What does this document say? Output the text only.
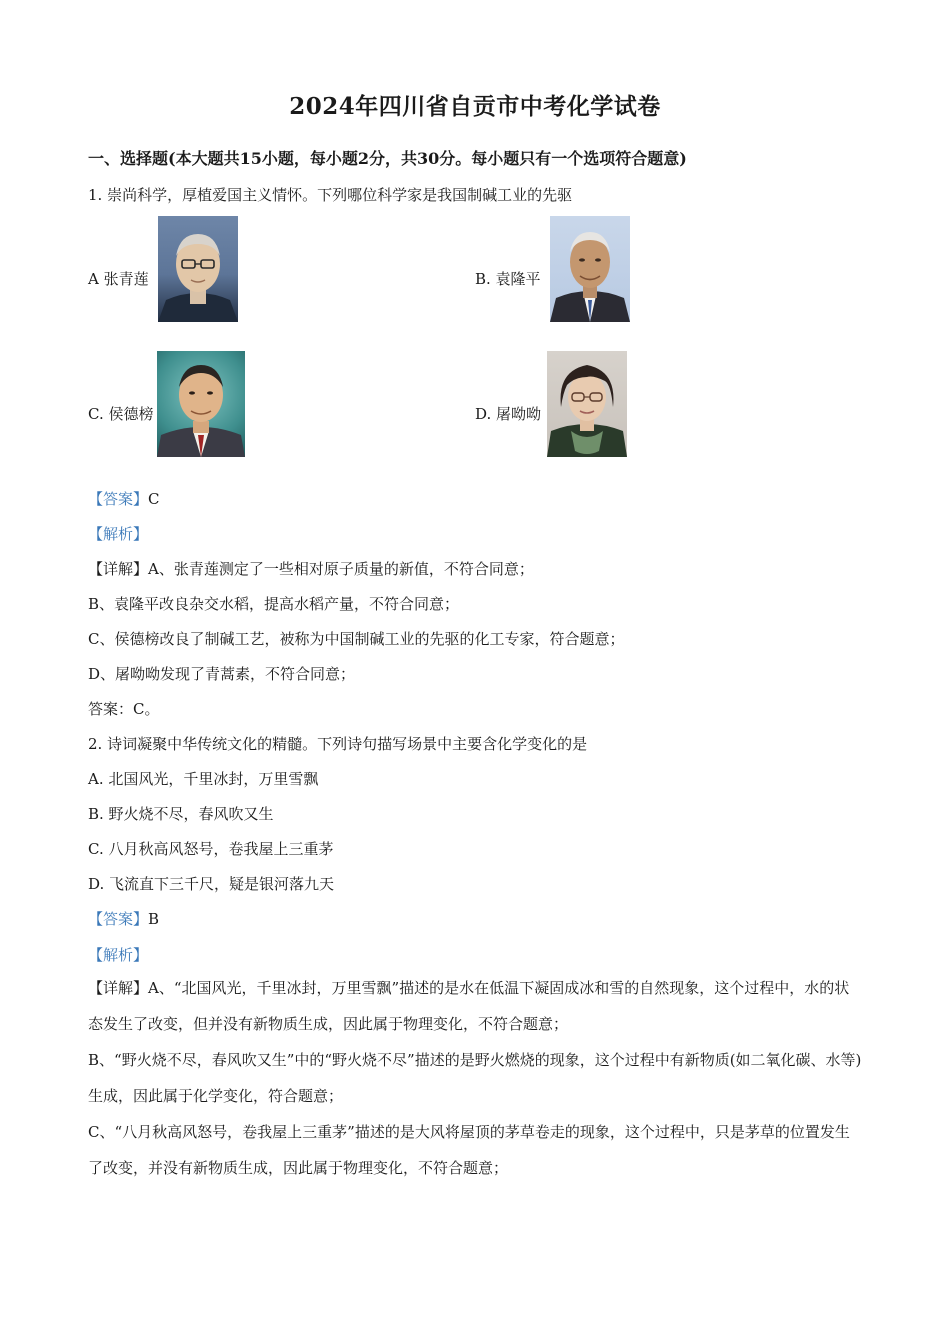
2024年四川省自贡市中考化学试卷
一、选择题(本大题共15小题，每小题2分，共30分。每小题只有一个选项符合题意)
1. 崇尚科学，厚植爱国主义情怀。下列哪位科学家是我国制碱工业的先驱
A 张青莲	B. 袁隆平
C. 侯德榜	D. 屠呦呦
【答案】C
【解析】
【详解】A、张青莲测定了一些相对原子质量的新值，不符合同意；
B、袁隆平改良杂交水稻，提高水稻产量，不符合同意；
C、侯德榜改良了制碱工艺，被称为中国制碱工业的先驱的化工专家，符合题意；
D、屠呦呦发现了青蒿素，不符合同意；
答案：C。
2. 诗词凝聚中华传统文化的精髓。下列诗句描写场景中主要含化学变化的是
A. 北国风光，千里冰封，万里雪飘
B. 野火烧不尽，春风吹又生
C. 八月秋高风怒号，卷我屋上三重茅
D. 飞流直下三千尺，疑是银河落九天
【答案】B
【解析】
【详解】A、“北国风光，千里冰封，万里雪飘”描述的是水在低温下凝固成冰和雪的自然现象，这个过程中，水的状态发生了改变，但并没有新物质生成，因此属于物理变化，不符合题意；
B、“野火烧不尽，春风吹又生”中的“野火烧不尽”描述的是野火燃烧的现象，这个过程中有新物质(如二氧化碳、水等)生成，因此属于化学变化，符合题意；
C、“八月秋高风怒号，卷我屋上三重茅”描述的是大风将屋顶的茅草卷走的现象，这个过程中，只是茅草的位置发生了改变，并没有新物质生成，因此属于物理变化，不符合题意；
